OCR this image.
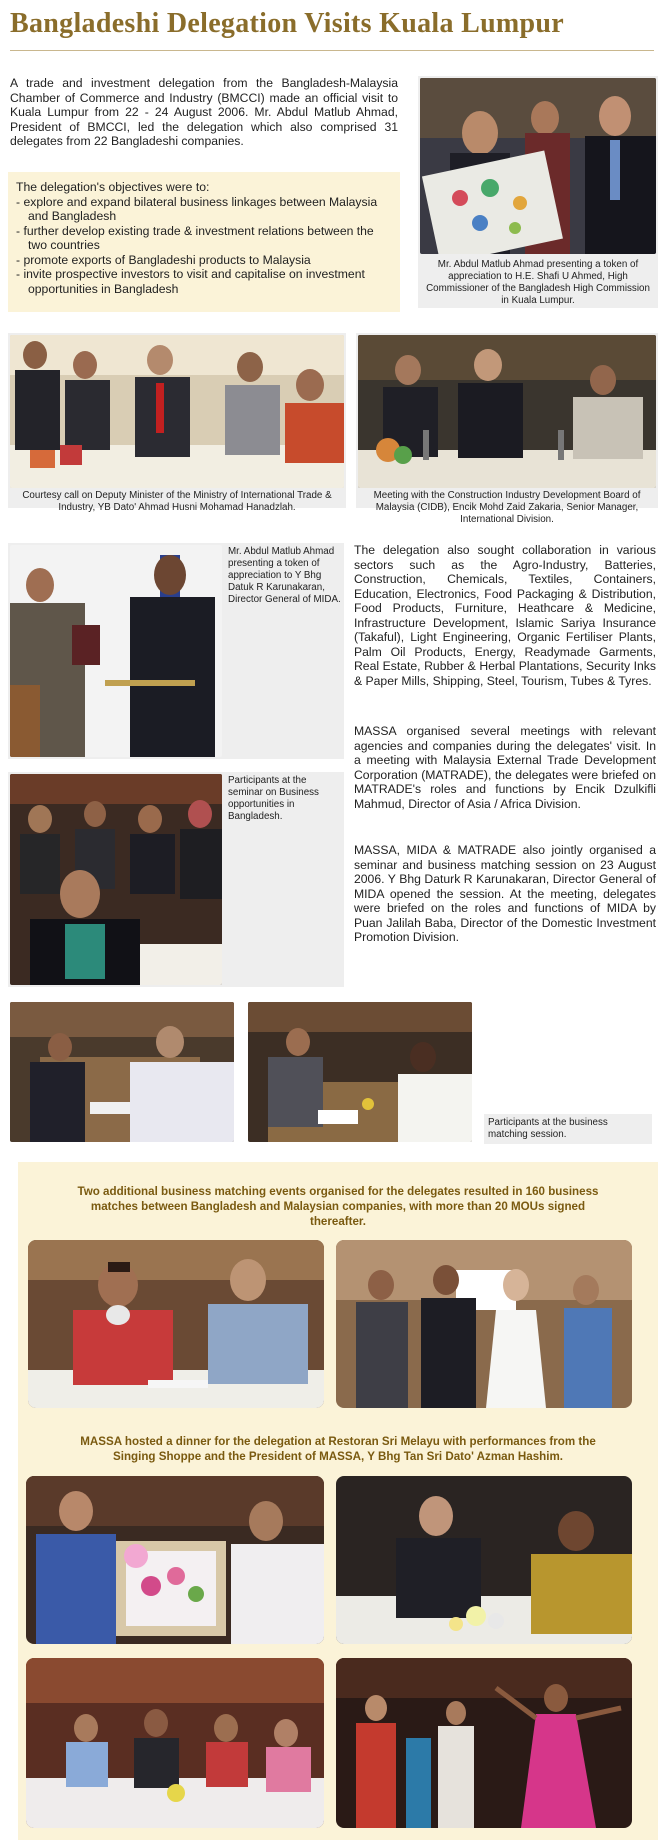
Bangladeshi Delegation Visits Kuala Lumpur

A trade and investment delegation from the Bangladesh-Malaysia Chamber of Commerce and Industry (BMCCI) made an official visit to Kuala Lumpur from 22 - 24 August 2006. Mr. Abdul Matlub Ahmad, President of BMCCI, led the delegation which also comprised 31 delegates from 22 Bangladeshi companies.

The delegation's objectives were to:
- explore and expand bilateral business linkages between Malaysia and Bangladesh
- further develop existing trade & investment relations between the two countries
- promote exports of Bangladeshi products to Malaysia
- invite prospective investors to visit and capitalise on investment opportunities in Bangladesh

Mr. Abdul Matlub Ahmad presenting a token of appreciation to H.E. Shafi U Ahmed, High Commissioner of the Bangladesh High Commission in Kuala Lumpur.

Courtesy call on Deputy Minister of the Ministry of International Trade & Industry, YB Dato' Ahmad Husni Mohamad Hanadzlah.

Meeting with the Construction Industry Development Board of Malaysia (CIDB), Encik Mohd Zaid Zakaria, Senior Manager, International Division.

Mr. Abdul Matlub Ahmad presenting a token of appreciation to Y Bhg Datuk R Karunakaran, Director General of MIDA.

Participants at the seminar on Business opportunities in Bangladesh.

The delegation also sought collaboration in various sectors such as the Agro-Industry, Batteries, Construction, Chemicals, Textiles, Containers, Education, Electronics, Food Packaging & Distribution, Food Products, Furniture, Heathcare & Medicine, Infrastructure Development, Islamic Sariya Insurance (Takaful), Light Engineering, Organic Fertiliser Plants, Palm Oil Products, Energy, Readymade Garments, Real Estate, Rubber & Herbal Plantations, Security Inks & Paper Mills, Shipping, Steel, Tourism, Tubes & Tyres.

MASSA organised several meetings with relevant agencies and companies during the delegates' visit. In a meeting with Malaysia External Trade Development Corporation (MATRADE), the delegates were briefed on MATRADE's roles and functions by Encik Dzulkifli Mahmud, Director of Asia / Africa Division.

MASSA, MIDA & MATRADE also jointly organised a seminar and business matching session on 23 August 2006. Y Bhg Daturk R Karunakaran, Director General of MIDA opened the session. At the meeting, delegates were briefed on the roles and functions of MIDA by Puan Jalilah Baba, Director of the Domestic Investment Promotion Division.

Participants at the business matching session.

Two additional business matching events organised for the delegates resulted in 160 business matches between Bangladesh and Malaysian companies, with more than 20 MOUs signed thereafter.

MASSA hosted a dinner for the delegation at Restoran Sri Melayu with performances from the Singing Shoppe and the President of MASSA, Y Bhg Tan Sri Dato' Azman Hashim.
